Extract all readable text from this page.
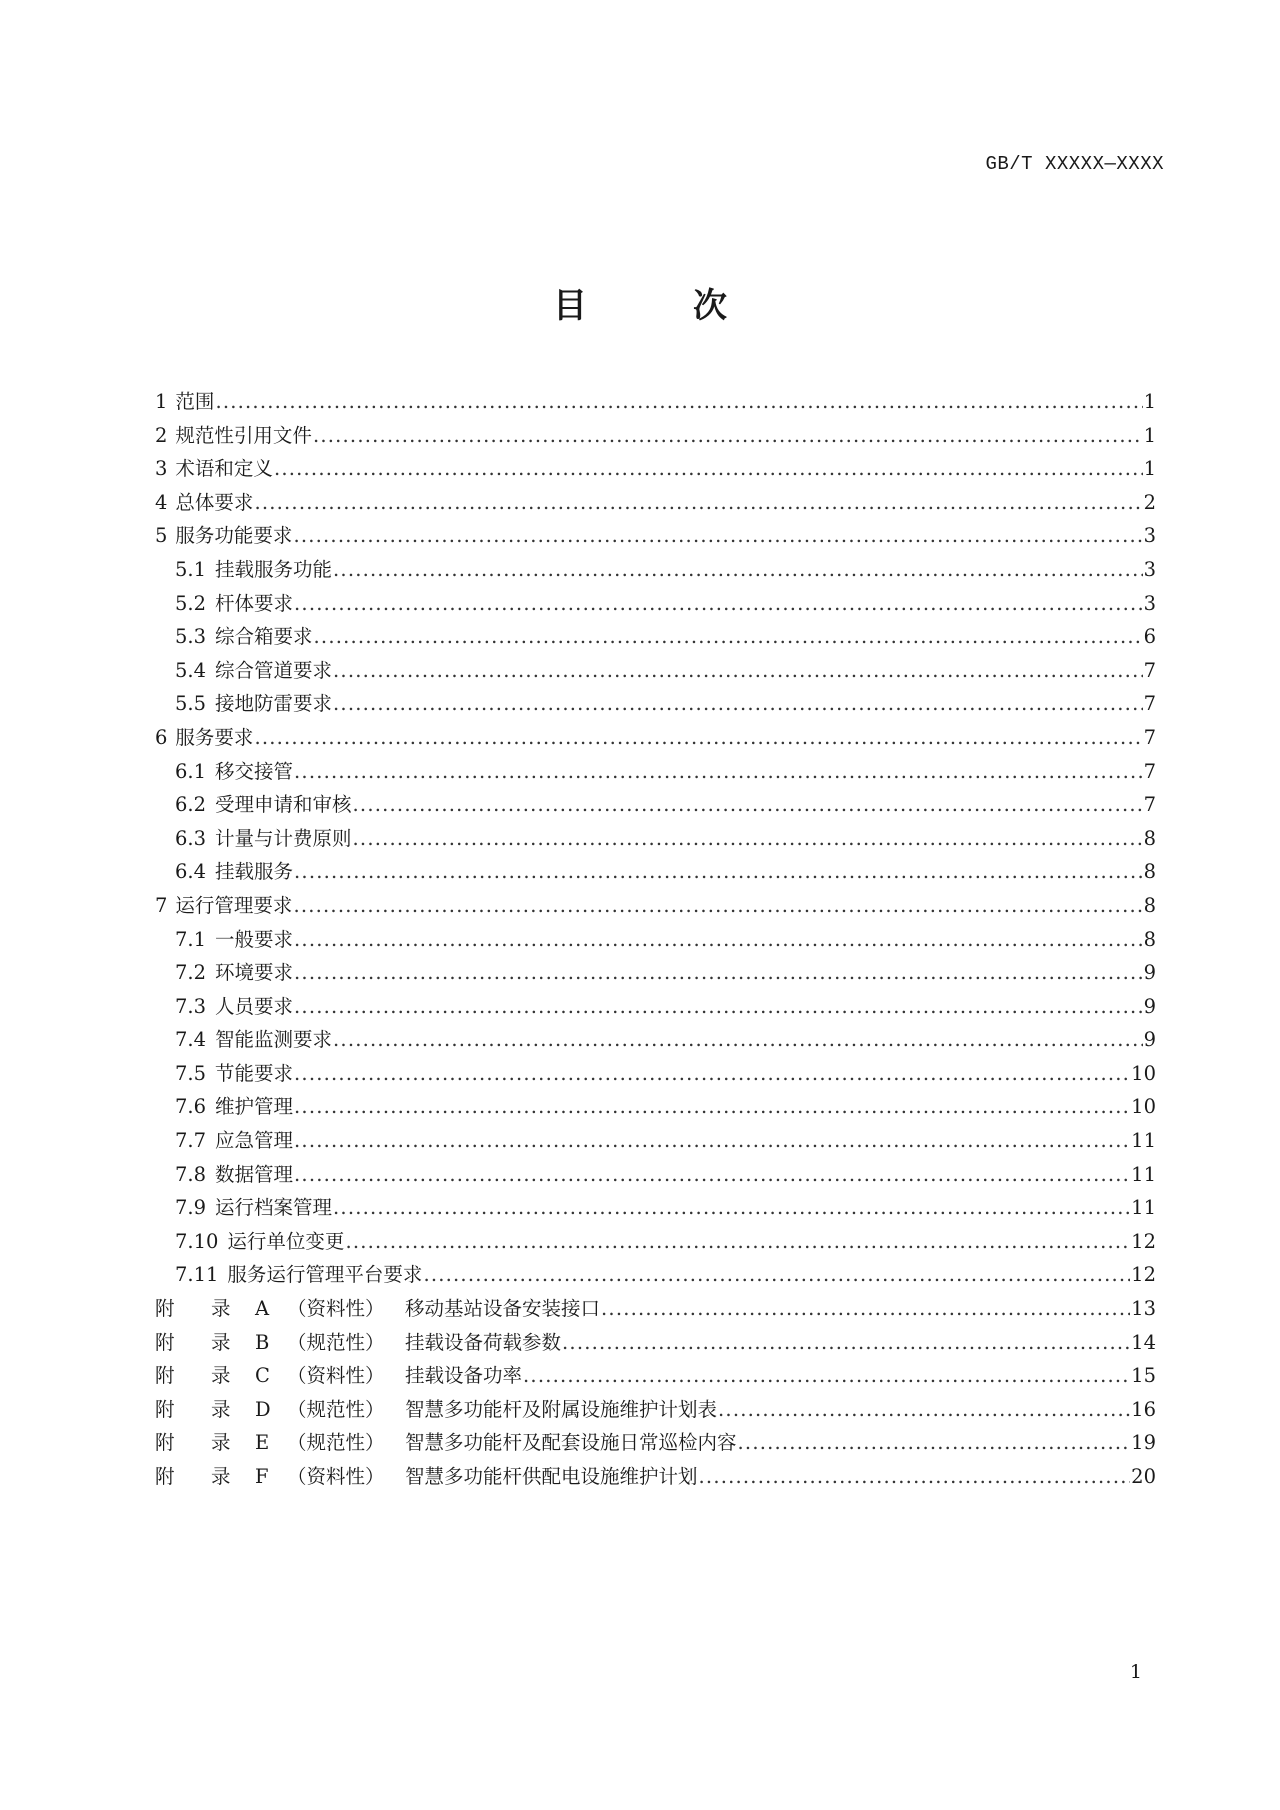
GB/T XXXXX—XXXX
目　次
1 范围 .....	1
2 规范性引用文件 .....	1
3 术语和定义 .....	1
4 总体要求 .....	2
5 服务功能要求 .....	3
5.1 挂载服务功能 .....	3
5.2 杆体要求 .....	3
5.3 综合箱要求 .....	6
5.4 综合管道要求 .....	7
5.5 接地防雷要求 .....	7
6 服务要求 .....	7
6.1 移交接管 .....	7
6.2 受理申请和审核 .....	7
6.3 计量与计费原则 .....	8
6.4 挂载服务 .....	8
7 运行管理要求 .....	8
7.1 一般要求 .....	8
7.2 环境要求 .....	9
7.3 人员要求 .....	9
7.4 智能监测要求 .....	9
7.5 节能要求 .....	10
7.6 维护管理 .....	10
7.7 应急管理 .....	11
7.8 数据管理 .....	11
7.9 运行档案管理 .....	11
7.10 运行单位变更 .....	12
7.11 服务运行管理平台要求 .....	12
附 录 A （资料性） 移动基站设备安装接口 .....	13
附 录 B （规范性） 挂载设备荷载参数 .....	14
附 录 C （资料性） 挂载设备功率 .....	15
附 录 D （规范性） 智慧多功能杆及附属设施维护计划表 .....	16
附 录 E （规范性） 智慧多功能杆及配套设施日常巡检内容 .....	19
附 录 F （资料性） 智慧多功能杆供配电设施维护计划 .....	20
1
